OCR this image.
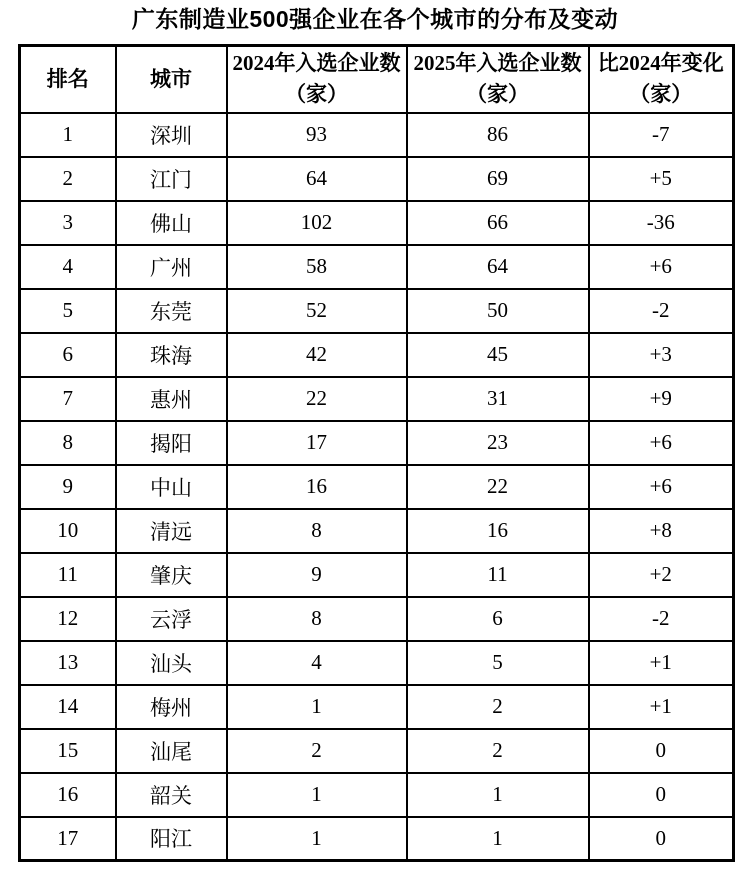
广东制造业500强企业在各个城市的分布及变动
排名	城市	2024年入选企业数（家）	2025年入选企业数（家）	比2024年变化（家）
1	深圳	93	86	-7
2	江门	64	69	+5
3	佛山	102	66	-36
4	广州	58	64	+6
5	东莞	52	50	-2
6	珠海	42	45	+3
7	惠州	22	31	+9
8	揭阳	17	23	+6
9	中山	16	22	+6
10	清远	8	16	+8
11	肇庆	9	11	+2
12	云浮	8	6	-2
13	汕头	4	5	+1
14	梅州	1	2	+1
15	汕尾	2	2	0
16	韶关	1	1	0
17	阳江	1	1	0
